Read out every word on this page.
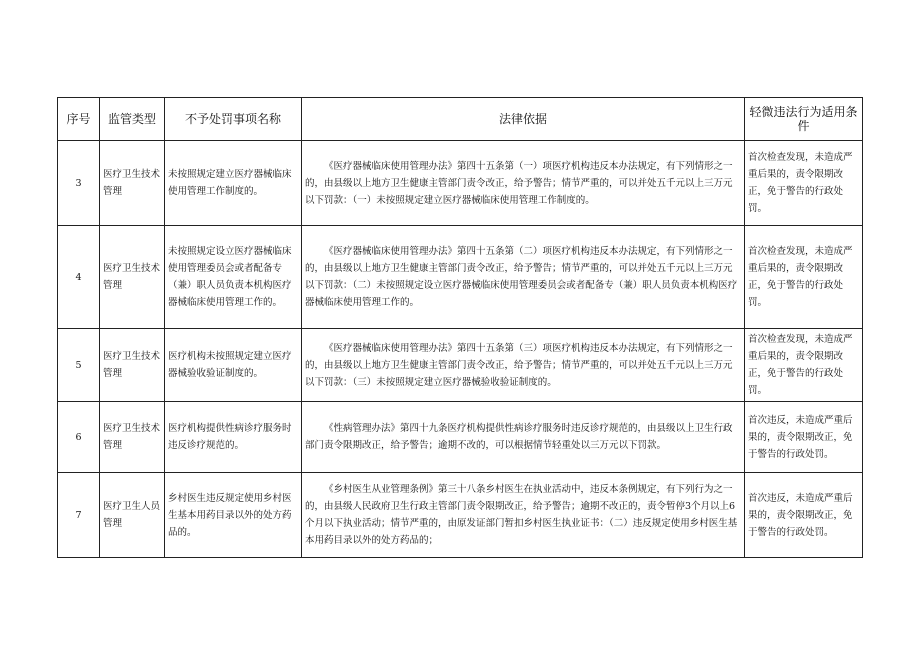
序号	监管类型	不予处罚事项名称	法律依据	轻微违法行为适用条件
3	医疗卫生技术管理	未按照规定建立医疗器械临床使用管理工作制度的。	《医疗器械临床使用管理办法》第四十五条第（一）项医疗机构违反本办法规定，有下列情形之一的，由县级以上地方卫生健康主管部门责令改正，给予警告；情节严重的，可以并处五千元以上三万元以下罚款：（一）未按照规定建立医疗器械临床使用管理工作制度的。	首次检查发现，未造成严重后果的，责令限期改正，免于警告的行政处罚。
4	医疗卫生技术管理	未按照规定设立医疗器械临床使用管理委员会或者配备专（兼）职人员负责本机构医疗器械临床使用管理工作的。	《医疗器械临床使用管理办法》第四十五条第（二）项医疗机构违反本办法规定，有下列情形之一的，由县级以上地方卫生健康主管部门责令改正，给予警告；情节严重的，可以并处五千元以上三万元以下罚款：（二）未按照规定设立医疗器械临床使用管理委员会或者配备专（兼）职人员负责本机构医疗器械临床使用管理工作的。	首次检查发现，未造成严重后果的，责令限期改正，免于警告的行政处罚。
5	医疗卫生技术管理	医疗机构未按照规定建立医疗器械验收验证制度的。	《医疗器械临床使用管理办法》第四十五条第（三）项医疗机构违反本办法规定，有下列情形之一的，由县级以上地方卫生健康主管部门责令改正，给予警告；情节严重的，可以并处五千元以上三万元以下罚款：（三）未按照规定建立医疗器械验收验证制度的。	首次检查发现，未造成严重后果的，责令限期改正，免于警告的行政处罚。
6	医疗卫生技术管理	医疗机构提供性病诊疗服务时违反诊疗规范的。	《性病管理办法》第四十九条医疗机构提供性病诊疗服务时违反诊疗规范的，由县级以上卫生行政部门责令限期改正，给予警告；逾期不改的，可以根据情节轻重处以三万元以下罚款。	首次违反，未造成严重后果的，责令限期改正，免于警告的行政处罚。
7	医疗卫生人员管理	乡村医生违反规定使用乡村医生基本用药目录以外的处方药品的。	《乡村医生从业管理条例》第三十八条乡村医生在执业活动中，违反本条例规定，有下列行为之一的，由县级人民政府卫生行政主管部门责令限期改正，给予警告；逾期不改正的，责令暂停3个月以上6个月以下执业活动；情节严重的，由原发证部门暂扣乡村医生执业证书：（二）违反规定使用乡村医生基本用药目录以外的处方药品的；	首次违反，未造成严重后果的，责令限期改正，免于警告的行政处罚。
